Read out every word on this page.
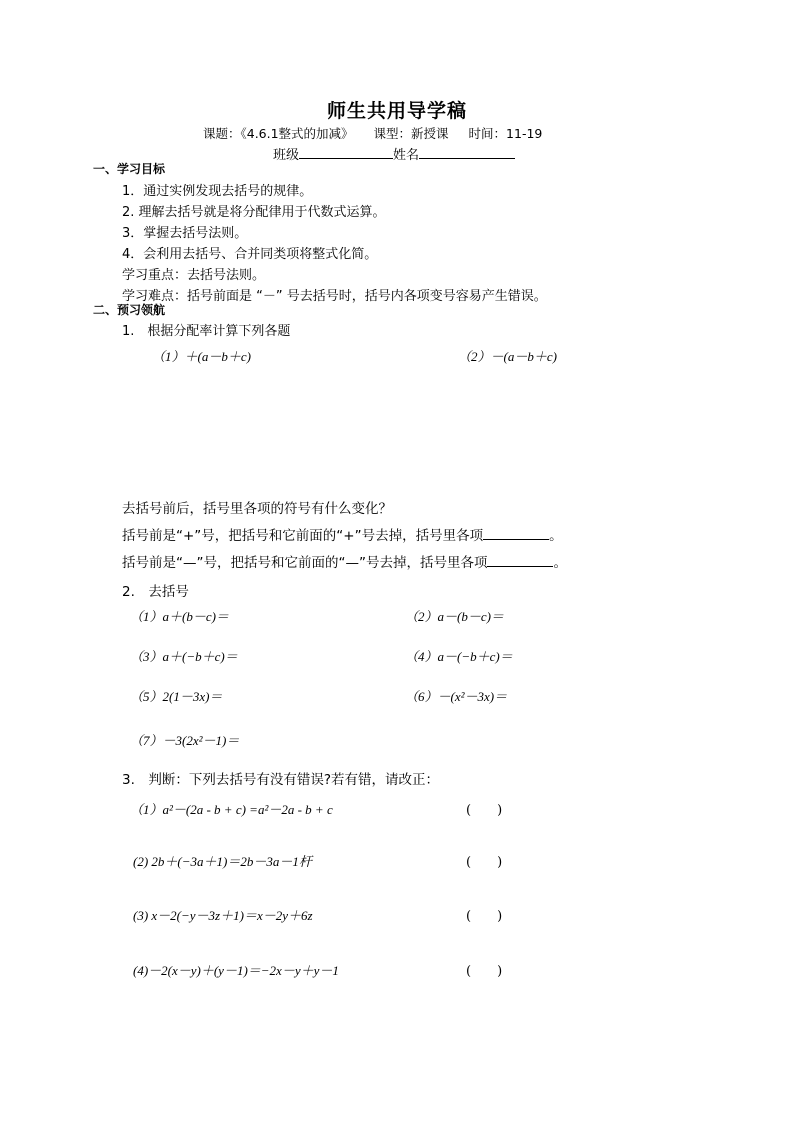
师生共用导学稿
课题：《4.6.1整式的加减》 课型：新授课 时间：11-19
班级	姓名
一、学习目标
1．通过实例发现去括号的规律。
2. 理解去括号就是将分配律用于代数式运算。
3．掌握去括号法则。
4．会利用去括号、合并同类项将整式化简。
学习重点：去括号法则。
学习难点：括号前面是 “－” 号去括号时，括号内各项变号容易产生错误。
二、预习领航
1.　根据分配率计算下列各题
（1）＋(a－b＋c)	（2）－(a－b＋c)
去括号前后，括号里各项的符号有什么变化？
括号前是“+”号，把括号和它前面的“+”号去掉，括号里各项	。
括号前是“—”号，把括号和它前面的“—”号去掉，括号里各项	。
2.　去括号
（1）a＋(b－c)＝	（2）a－(b－c)＝
（3）a＋(−b＋c)＝	（4）a－(−b＋c)＝
（5）2(1－3x)＝	（6）－(x²－3x)＝
（7）－3(2x²－1)＝
3.　判断：下列去括号有没有错误?若有错，请改正：
（1）a²－(2a - b + c) =a²－2a - b + c	(　　)
(2) 2b＋(−3a＋1)＝2b－3a－1杆	(　　)
(3) x－2(−y－3z＋1)＝x－2y＋6z	(　　)
(4)－2(x－y)＋(y－1)＝−2x－y＋y－1	(　　)
